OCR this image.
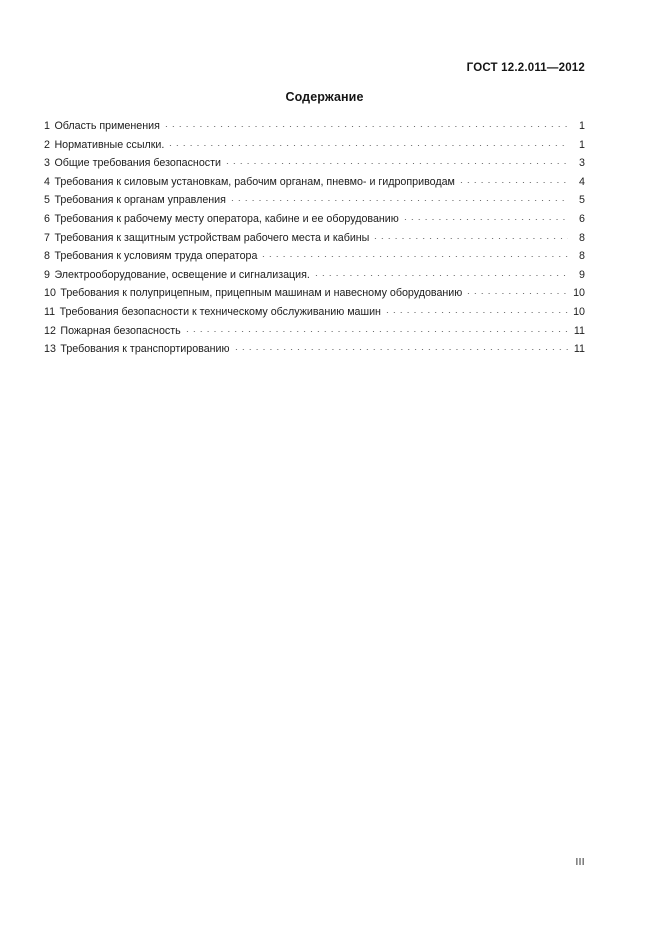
ГОСТ 12.2.011—2012
Содержание
1 Область применения	1
2 Нормативные ссылки.	1
3 Общие требования безопасности	3
4 Требования к силовым установкам, рабочим органам, пневмо- и гидроприводам	4
5 Требования к органам управления	5
6 Требования к рабочему месту оператора, кабине и ее оборудованию	6
7 Требования к защитным устройствам рабочего места и кабины	8
8 Требования к условиям труда оператора	8
9 Электрооборудование, освещение и сигнализация.	9
10 Требования к полуприцепным, прицепным машинам и навесному оборудованию	10
11 Требования безопасности к техническому обслуживанию машин	10
12 Пожарная безопасность	11
13 Требования к транспортированию	11
III
